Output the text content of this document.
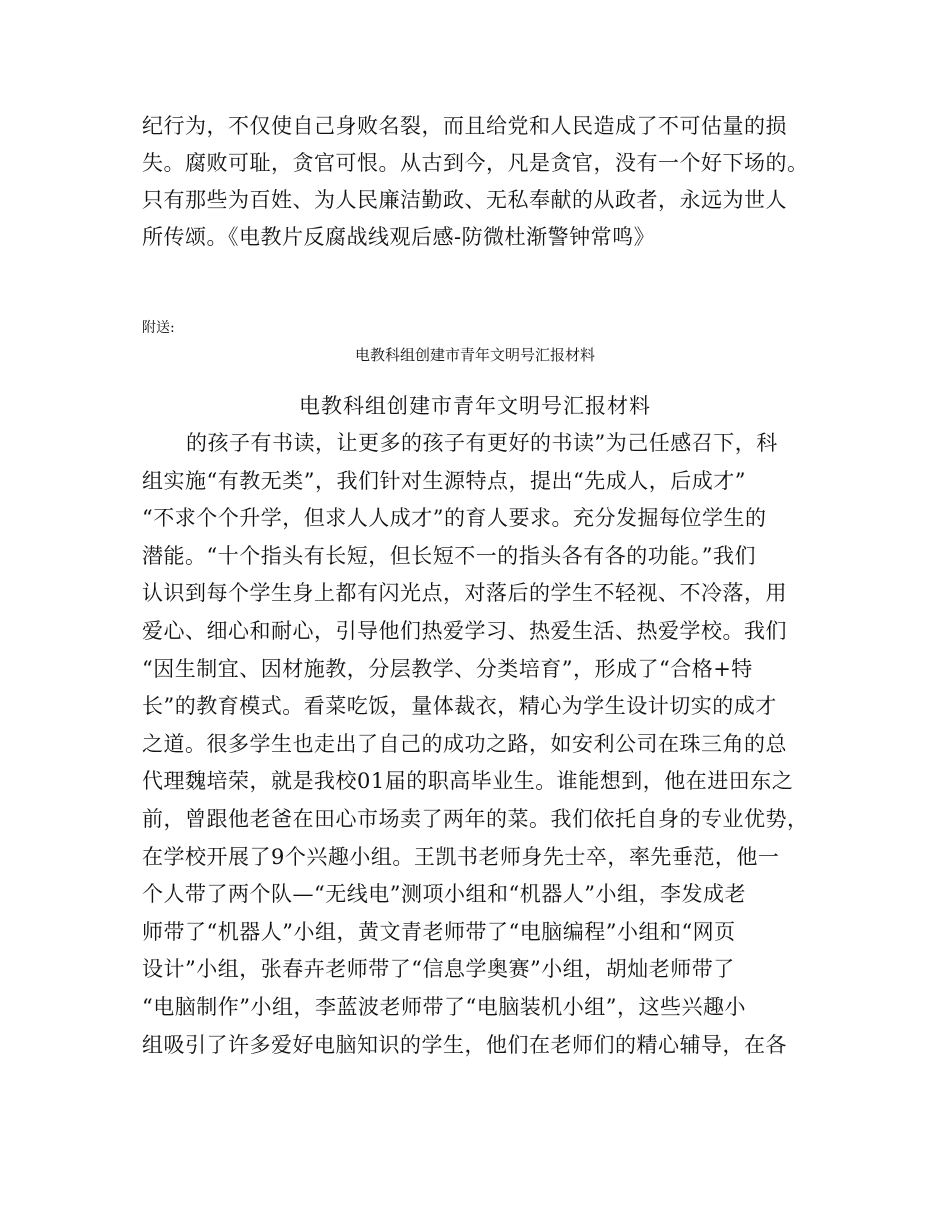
纪行为，不仅使自己身败名裂，而且给党和人民造成了不可估量的损
失。腐败可耻，贪官可恨。从古到今，凡是贪官，没有一个好下场的。
只有那些为百姓、为人民廉洁勤政、无私奉献的从政者，永远为世人
所传颂。《电教片反腐战线观后感-防微杜渐警钟常鸣》
附送:
电教科组创建市青年文明号汇报材料
电教科组创建市青年文明号汇报材料
的孩子有书读，让更多的孩子有更好的书读”为己任感召下，科
组实施“有教无类”，我们针对生源特点，提出“先成人，后成才”
“不求个个升学，但求人人成才”的育人要求。充分发掘每位学生的
潜能。“十个指头有长短，但长短不一的指头各有各的功能。”我们
认识到每个学生身上都有闪光点，对落后的学生不轻视、不冷落，用
爱心、细心和耐心，引导他们热爱学习、热爱生活、热爱学校。我们
“因生制宜、因材施教，分层教学、分类培育”，形成了“合格+特
长”的教育模式。看菜吃饭，量体裁衣，精心为学生设计切实的成才
之道。很多学生也走出了自己的成功之路，如安利公司在珠三角的总
代理魏培荣，就是我校01届的职高毕业生。谁能想到，他在进田东之
前，曾跟他老爸在田心市场卖了两年的菜。我们依托自身的专业优势，
在学校开展了9个兴趣小组。王凯书老师身先士卒，率先垂范，他一
个人带了两个队—“无线电”测项小组和“机器人”小组，李发成老
师带了“机器人”小组，黄文青老师带了“电脑编程”小组和“网页
设计”小组，张春卉老师带了“信息学奥赛”小组，胡灿老师带了
“电脑制作”小组，李蓝波老师带了“电脑装机小组”，这些兴趣小
组吸引了许多爱好电脑知识的学生，他们在老师们的精心辅导，在各
